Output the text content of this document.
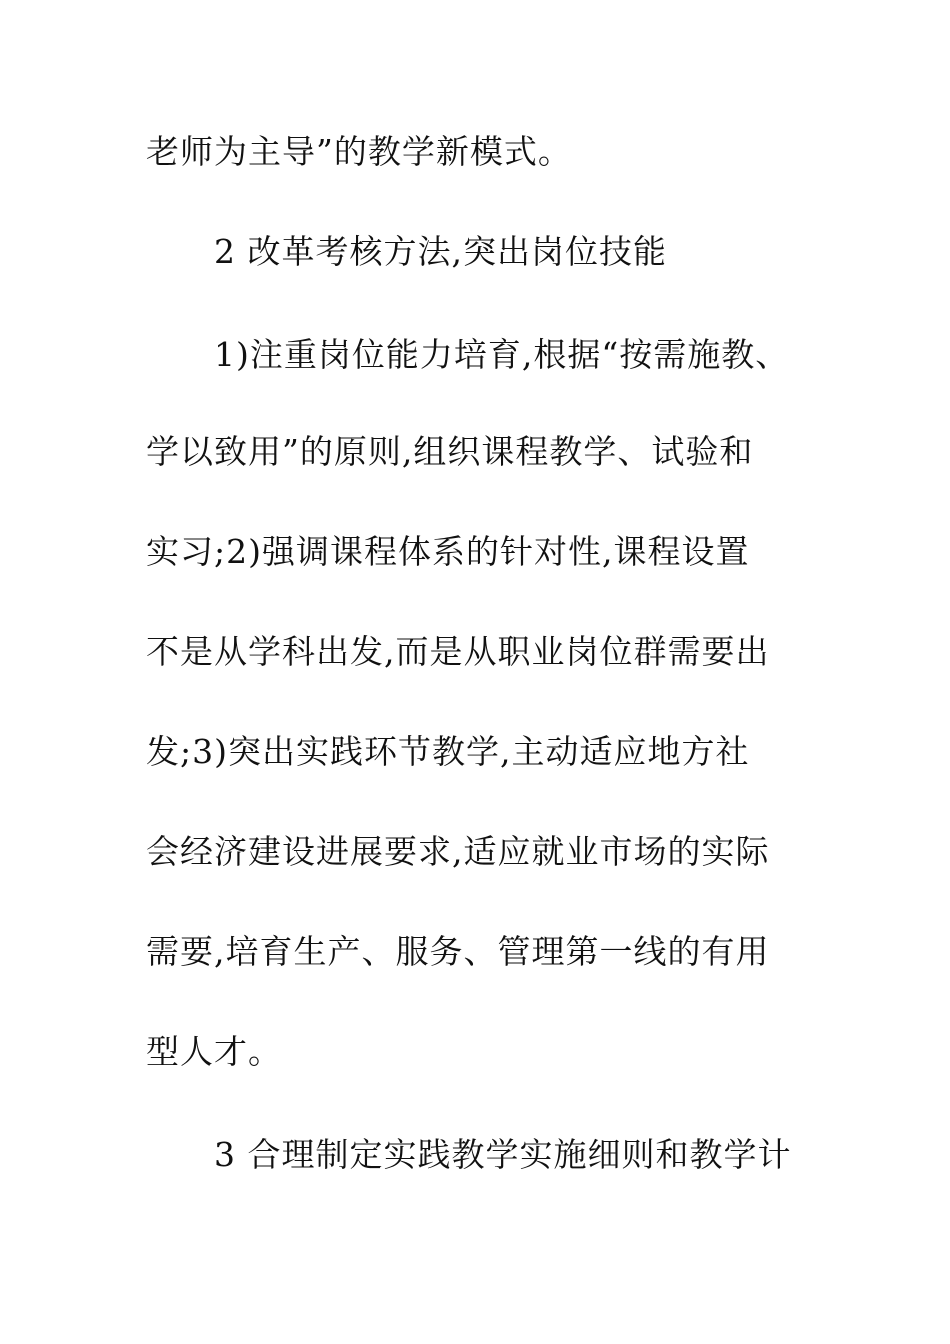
老师为主导”的教学新模式。
2 改革考核方法,突出岗位技能
1)注重岗位能力培育,根据“按需施教、
学以致用”的原则,组织课程教学、试验和
实习;2)强调课程体系的针对性,课程设置
不是从学科出发,而是从职业岗位群需要出
发;3)突出实践环节教学,主动适应地方社
会经济建设进展要求,适应就业市场的实际
需要,培育生产、服务、管理第一线的有用
型人才。
3 合理制定实践教学实施细则和教学计
